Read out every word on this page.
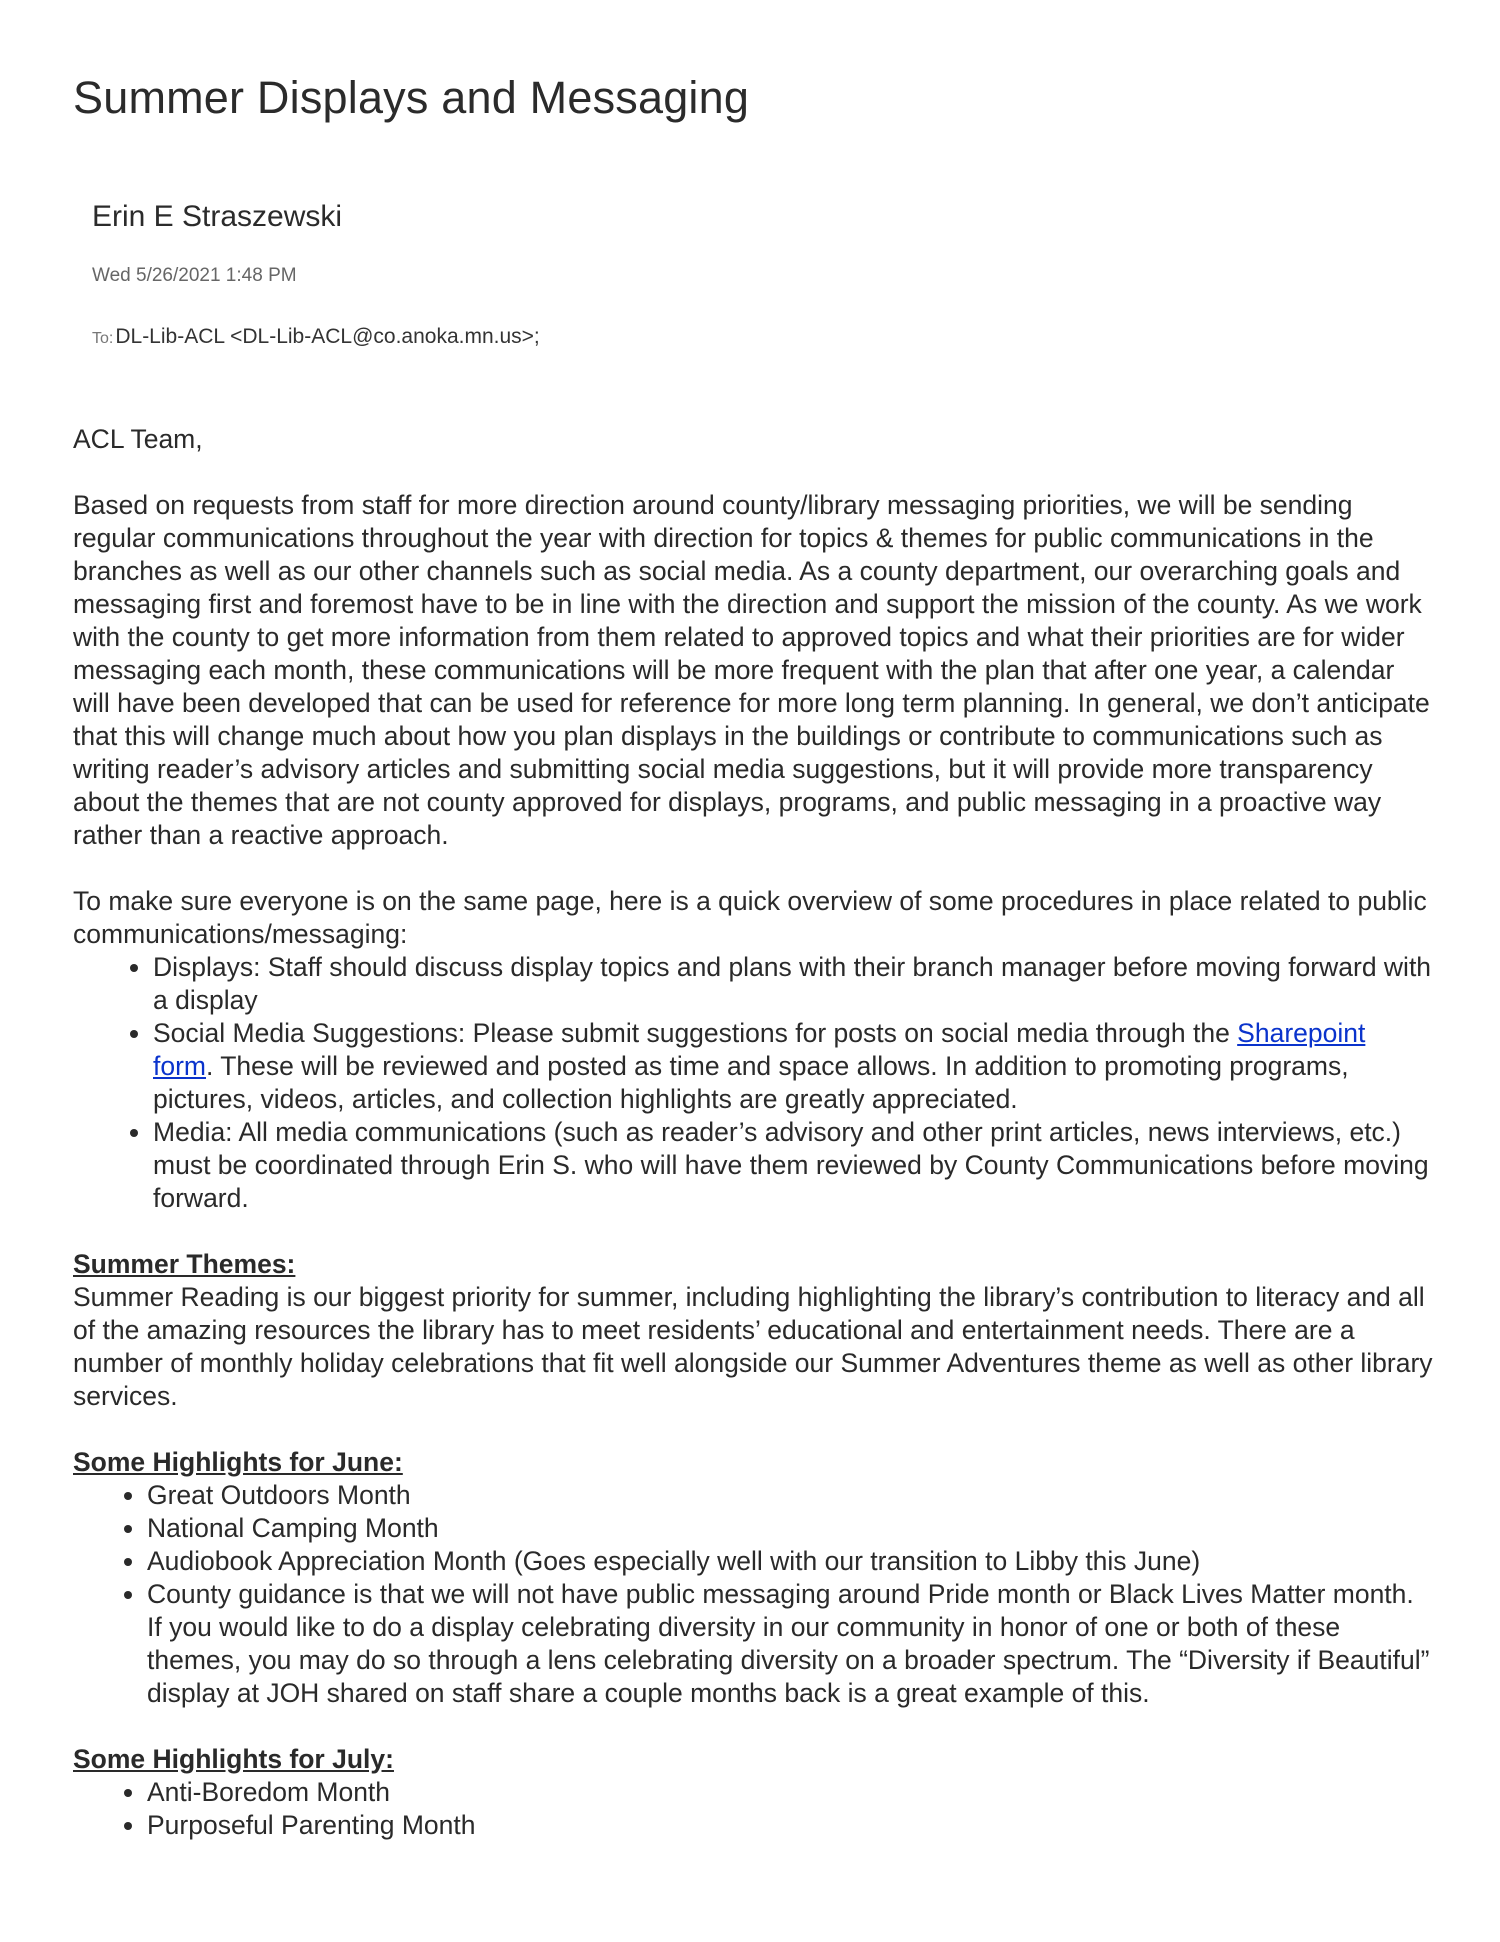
Summer Displays and Messaging
Erin E Straszewski
Wed 5/26/2021 1:48 PM
To:DL-Lib-ACL <DL-Lib-ACL@co.anoka.mn.us>;

ACL Team,

Based on requests from staff for more direction around county/library messaging priorities, we will be sending regular communications throughout the year with direction for topics & themes for public communications in the branches as well as our other channels such as social media. As a county department, our overarching goals and messaging first and foremost have to be in line with the direction and support the mission of the county. As we work with the county to get more information from them related to approved topics and what their priorities are for wider messaging each month, these communications will be more frequent with the plan that after one year, a calendar will have been developed that can be used for reference for more long term planning. In general, we don’t anticipate that this will change much about how you plan displays in the buildings or contribute to communications such as writing reader’s advisory articles and submitting social media suggestions, but it will provide more transparency about the themes that are not county approved for displays, programs, and public messaging in a proactive way rather than a reactive approach.

To make sure everyone is on the same page, here is a quick overview of some procedures in place related to public communications/messaging:

• Displays: Staff should discuss display topics and plans with their branch manager before moving forward with a display
• Social Media Suggestions: Please submit suggestions for posts on social media through the Sharepoint form. These will be reviewed and posted as time and space allows. In addition to promoting programs, pictures, videos, articles, and collection highlights are greatly appreciated.
• Media: All media communications (such as reader’s advisory and other print articles, news interviews, etc.) must be coordinated through Erin S. who will have them reviewed by County Communications before moving forward.

Summer Themes:

Summer Reading is our biggest priority for summer, including highlighting the library’s contribution to literacy and all of the amazing resources the library has to meet residents’ educational and entertainment needs. There are a number of monthly holiday celebrations that fit well alongside our Summer Adventures theme as well as other library services.

Some Highlights for June:

• Great Outdoors Month
• National Camping Month
• Audiobook Appreciation Month (Goes especially well with our transition to Libby this June)
• County guidance is that we will not have public messaging around Pride month or Black Lives Matter month. If you would like to do a display celebrating diversity in our community in honor of one or both of these themes, you may do so through a lens celebrating diversity on a broader spectrum. The “Diversity if Beautiful” display at JOH shared on staff share a couple months back is a great example of this.

Some Highlights for July:

• Anti-Boredom Month
• Purposeful Parenting Month
